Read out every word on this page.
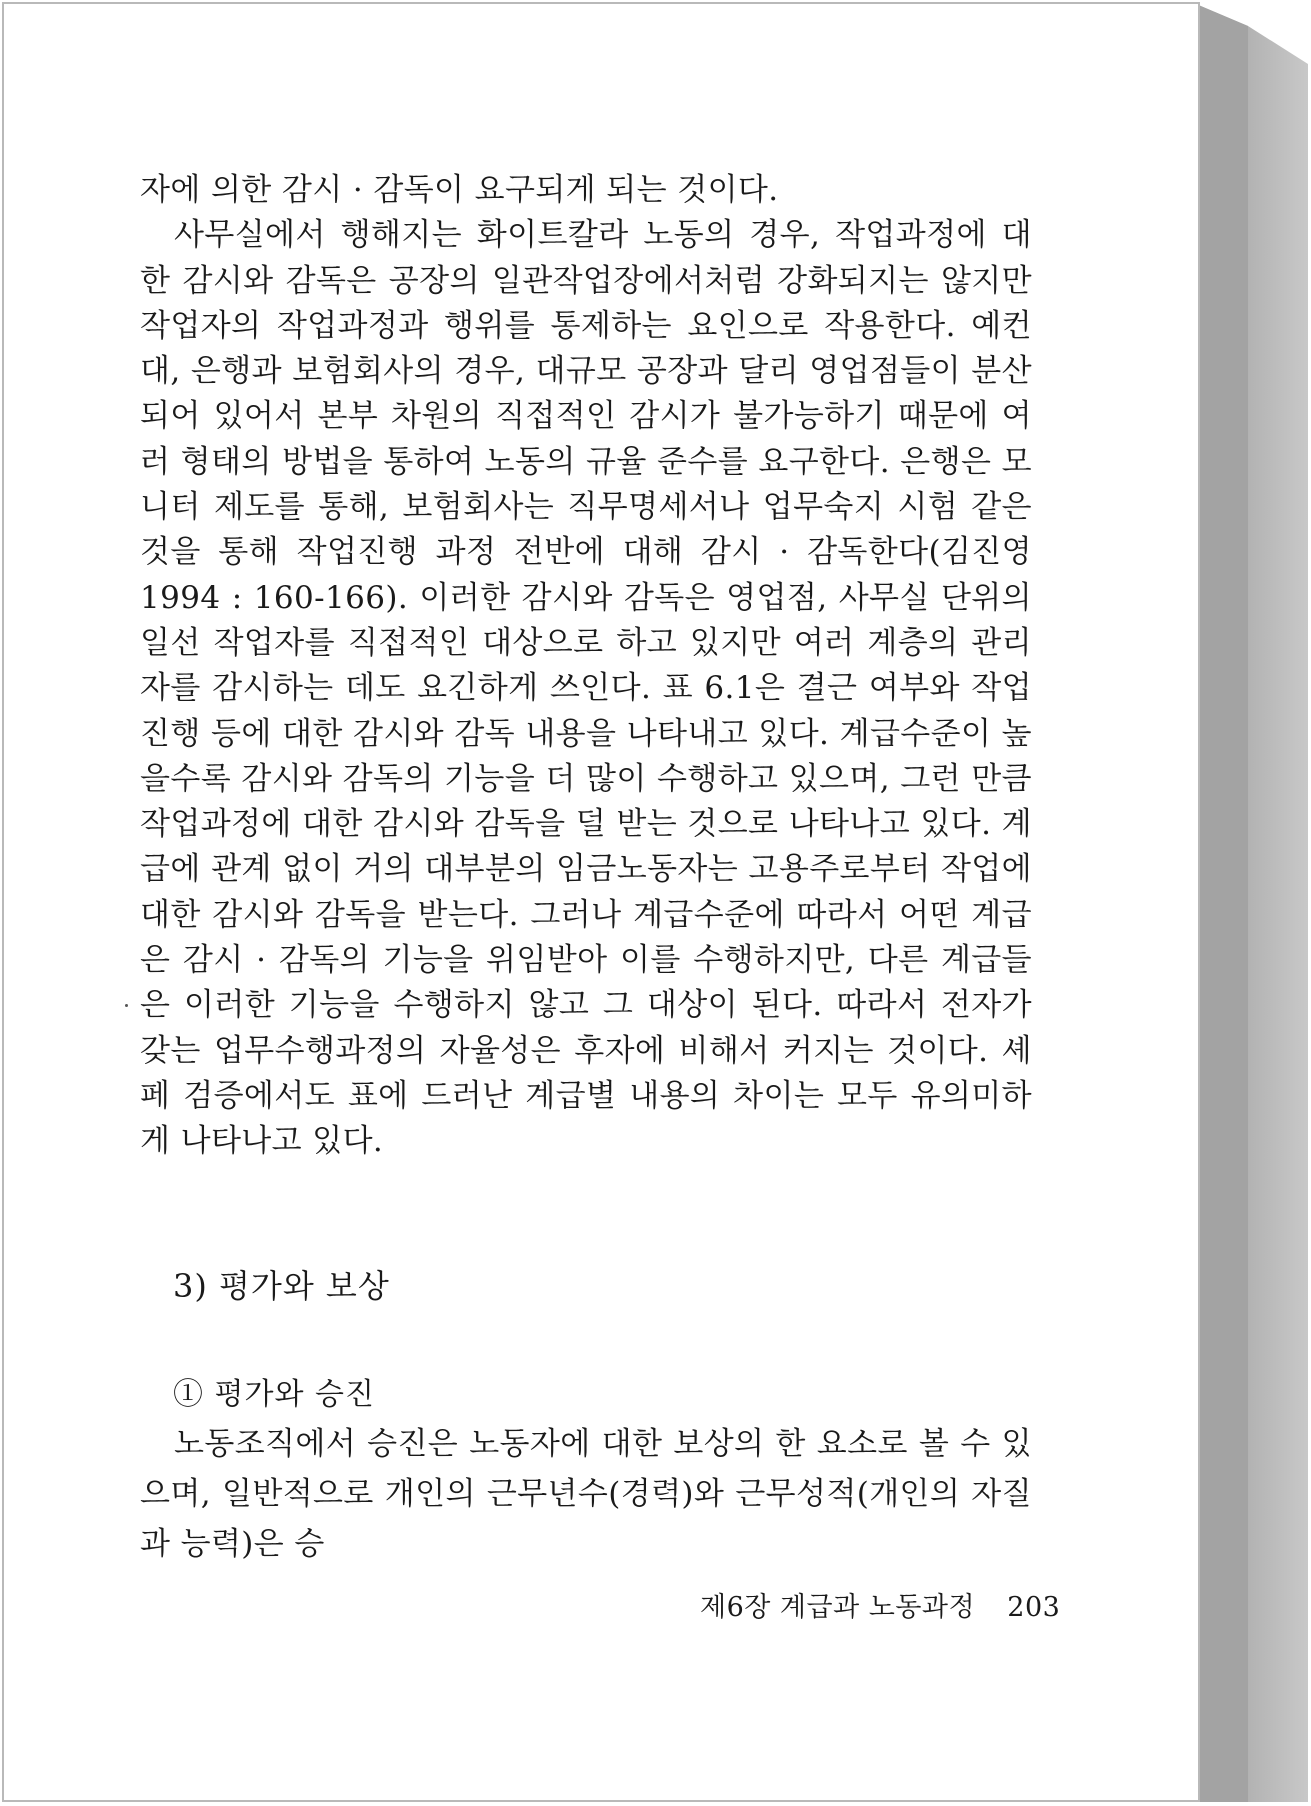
자에 의한 감시 · 감독이 요구되게 되는 것이다.

사무실에서 행해지는 화이트칼라 노동의 경우, 작업과정에 대한 감시와 감독은 공장의 일관작업장에서처럼 강화되지는 않지만 작업자의 작업과정과 행위를 통제하는 요인으로 작용한다. 예컨대, 은행과 보험회사의 경우, 대규모 공장과 달리 영업점들이 분산되어 있어서 본부 차원의 직접적인 감시가 불가능하기 때문에 여러 형태의 방법을 통하여 노동의 규율 준수를 요구한다. 은행은 모니터 제도를 통해, 보험회사는 직무명세서나 업무숙지 시험 같은 것을 통해 작업진행 과정 전반에 대해 감시 · 감독한다(김진영 1994 : 160-166). 이러한 감시와 감독은 영업점, 사무실 단위의 일선 작업자를 직접적인 대상으로 하고 있지만 여러 계층의 관리자를 감시하는 데도 요긴하게 쓰인다. 표 6.1은 결근 여부와 작업진행 등에 대한 감시와 감독 내용을 나타내고 있다. 계급수준이 높을수록 감시와 감독의 기능을 더 많이 수행하고 있으며, 그런 만큼 작업과정에 대한 감시와 감독을 덜 받는 것으로 나타나고 있다. 계급에 관계 없이 거의 대부분의 임금노동자는 고용주로부터 작업에 대한 감시와 감독을 받는다. 그러나 계급수준에 따라서 어떤 계급은 감시 · 감독의 기능을 위임받아 이를 수행하지만, 다른 계급들은 이러한 기능을 수행하지 않고 그 대상이 된다. 따라서 전자가 갖는 업무수행과정의 자율성은 후자에 비해서 커지는 것이다. 셰페 검증에서도 표에 드러난 계급별 내용의 차이는 모두 유의미하게 나타나고 있다.

3) 평가와 보상
① 평가와 승진

노동조직에서 승진은 노동자에 대한 보상의 한 요소로 볼 수 있으며, 일반적으로 개인의 근무년수(경력)와 근무성적(개인의 자질과 능력)은 승

제6장 계급과 노동과정 203
